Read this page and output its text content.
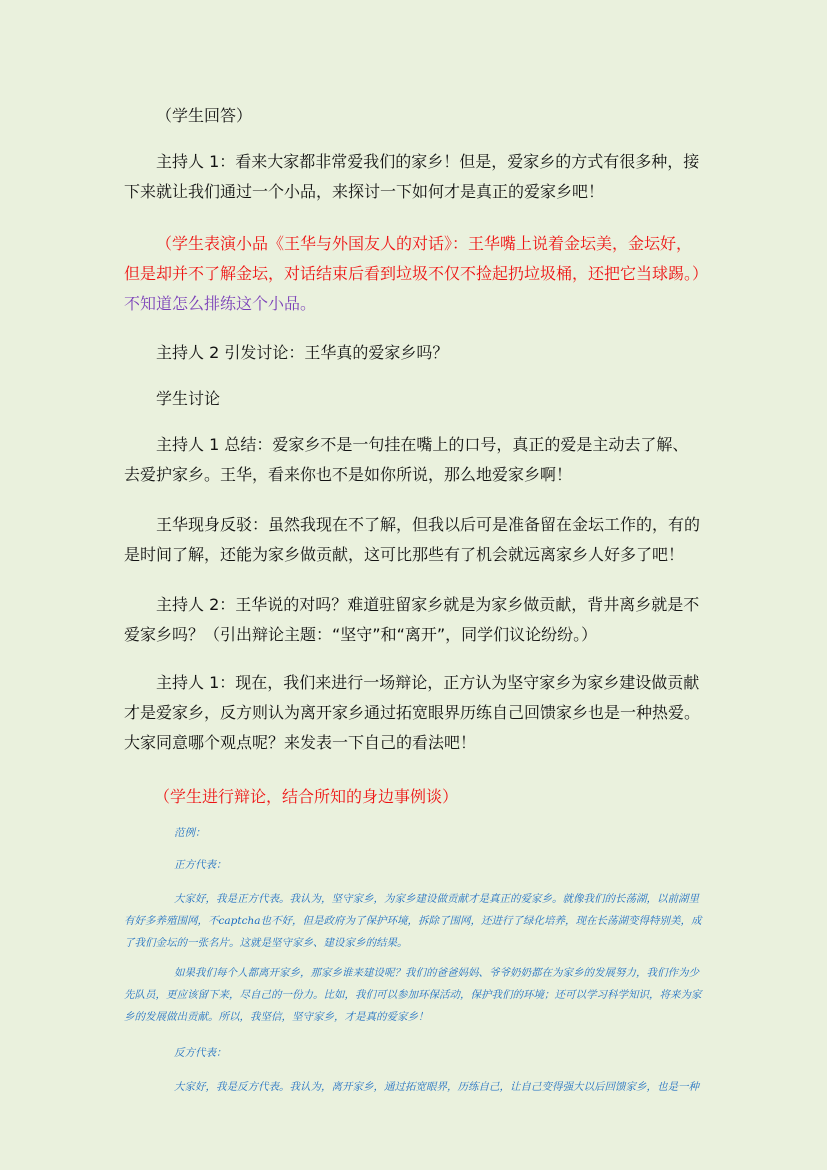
（学生回答）

主持人 1：看来大家都非常爱我们的家乡！但是，爱家乡的方式有很多种，接下来就让我们通过一个小品，来探讨一下如何才是真正的爱家乡吧！

（学生表演小品《王华与外国友人的对话》：王华嘴上说着金坛美，金坛好，但是却并不了解金坛，对话结束后看到垃圾不仅不捡起扔垃圾桶，还把它当球踢。）不知道怎么排练这个小品。

主持人 2 引发讨论：王华真的爱家乡吗？

学生讨论

主持人 1 总结：爱家乡不是一句挂在嘴上的口号，真正的爱是主动去了解、去爱护家乡。王华，看来你也不是如你所说，那么地爱家乡啊！

王华现身反驳：虽然我现在不了解，但我以后可是准备留在金坛工作的，有的是时间了解，还能为家乡做贡献，这可比那些有了机会就远离家乡人好多了吧！

主持人 2：王华说的对吗？难道驻留家乡就是为家乡做贡献，背井离乡就是不爱家乡吗？（引出辩论主题：“坚守”和“离开”，同学们议论纷纷。）

主持人 1：现在，我们来进行一场辩论，正方认为坚守家乡为家乡建设做贡献才是爱家乡，反方则认为离开家乡通过拓宽眼界历练自己回馈家乡也是一种热爱。大家同意哪个观点呢？来发表一下自己的看法吧！

（学生进行辩论，结合所知的身边事例谈）

范例：

正方代表：

大家好，我是正方代表。我认为，坚守家乡，为家乡建设做贡献才是真正的爱家乡。就像我们的长荡湖，以前湖里有好多养殖围网，不captcha也不好，但是政府为了保护环境，拆除了围网，还进行了绿化培养，现在长荡湖变得特别美，成了我们金坛的一张名片。这就是坚守家乡、建设家乡的结果。

如果我们每个人都离开家乡，那家乡谁来建设呢？我们的爸爸妈妈、爷爷奶奶都在为家乡的发展努力，我们作为少先队员，更应该留下来，尽自己的一份力。比如，我们可以参加环保活动，保护我们的环境；还可以学习科学知识，将来为家乡的发展做出贡献。所以，我坚信，坚守家乡，才是真的爱家乡！

反方代表：

大家好，我是反方代表。我认为，离开家乡，通过拓宽眼界，历练自己，让自己变得强大以后回馈家乡，也是一种
